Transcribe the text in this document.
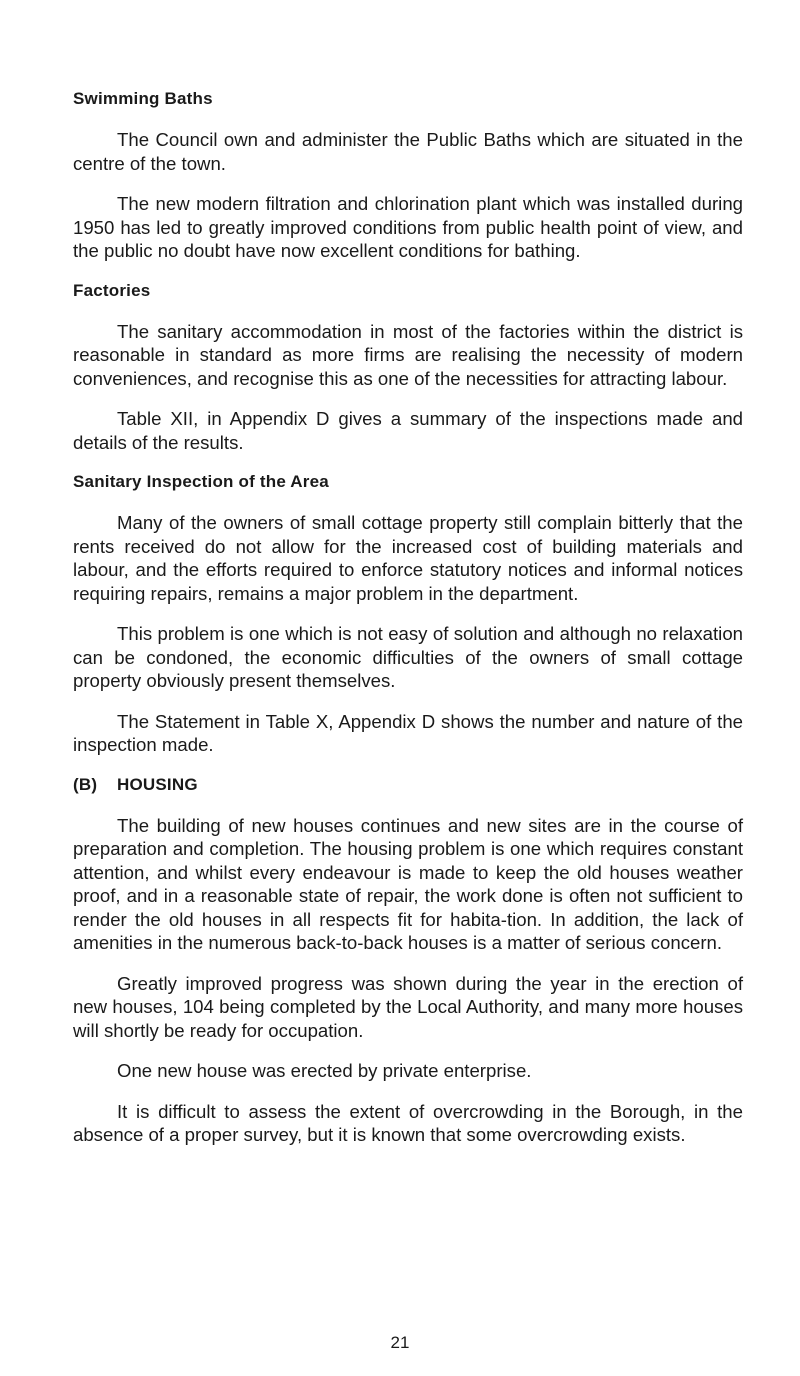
Swimming Baths

The Council own and administer the Public Baths which are situated in the centre of the town.

The new modern filtration and chlorination plant which was installed during 1950 has led to greatly improved conditions from public health point of view, and the public no doubt have now excellent conditions for bathing.

Factories

The sanitary accommodation in most of the factories within the district is reasonable in standard as more firms are realising the necessity of modern conveniences, and recognise this as one of the necessities for attracting labour.

Table XII, in Appendix D gives a summary of the inspections made and details of the results.

Sanitary Inspection of the Area

Many of the owners of small cottage property still complain bitterly that the rents received do not allow for the increased cost of building materials and labour, and the efforts required to enforce statutory notices and informal notices requiring repairs, remains a major problem in the department.

This problem is one which is not easy of solution and although no relaxation can be condoned, the economic difficulties of the owners of small cottage property obviously present themselves.

The Statement in Table X, Appendix D shows the number and nature of the inspection made.

(B) HOUSING

The building of new houses continues and new sites are in the course of preparation and completion. The housing problem is one which requires constant attention, and whilst every endeavour is made to keep the old houses weather proof, and in a reasonable state of repair, the work done is often not sufficient to render the old houses in all respects fit for habita-tion. In addition, the lack of amenities in the numerous back-to-back houses is a matter of serious concern.

Greatly improved progress was shown during the year in the erection of new houses, 104 being completed by the Local Authority, and many more houses will shortly be ready for occupation.

One new house was erected by private enterprise.

It is difficult to assess the extent of overcrowding in the Borough, in the absence of a proper survey, but it is known that some overcrowding exists.

21
